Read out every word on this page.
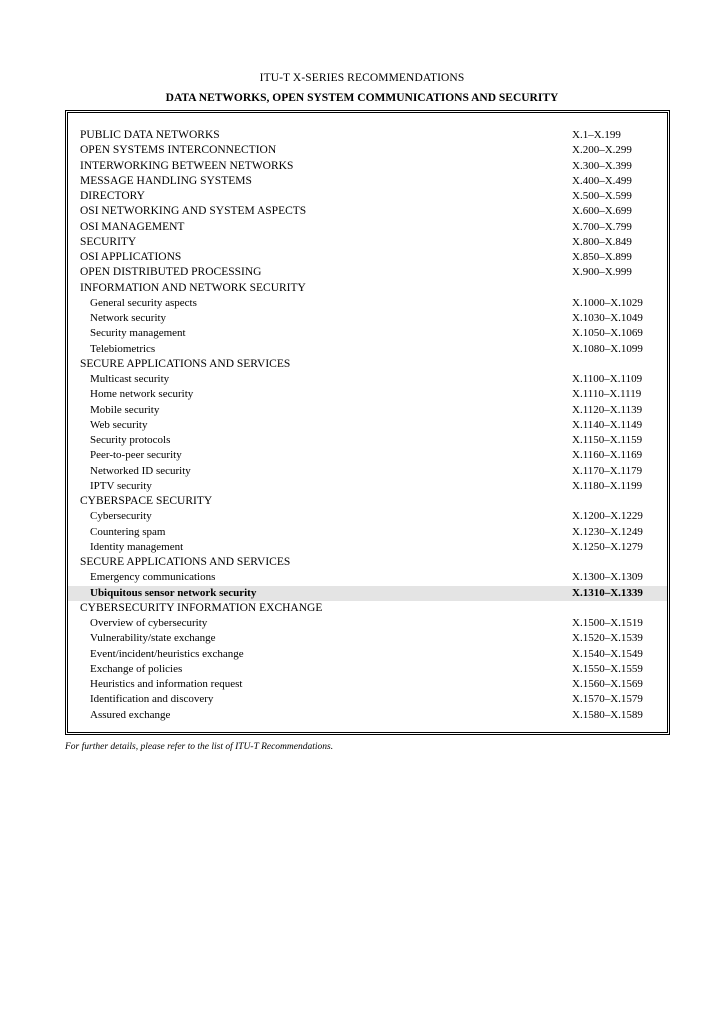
ITU-T X-SERIES RECOMMENDATIONS
DATA NETWORKS, OPEN SYSTEM COMMUNICATIONS AND SECURITY
PUBLIC DATA NETWORKS	X.1–X.199
OPEN SYSTEMS INTERCONNECTION	X.200–X.299
INTERWORKING BETWEEN NETWORKS	X.300–X.399
MESSAGE HANDLING SYSTEMS	X.400–X.499
DIRECTORY	X.500–X.599
OSI NETWORKING AND SYSTEM ASPECTS	X.600–X.699
OSI MANAGEMENT	X.700–X.799
SECURITY	X.800–X.849
OSI APPLICATIONS	X.850–X.899
OPEN DISTRIBUTED PROCESSING	X.900–X.999
INFORMATION AND NETWORK SECURITY
General security aspects	X.1000–X.1029
Network security	X.1030–X.1049
Security management	X.1050–X.1069
Telebiometrics	X.1080–X.1099
SECURE APPLICATIONS AND SERVICES
Multicast security	X.1100–X.1109
Home network security	X.1110–X.1119
Mobile security	X.1120–X.1139
Web security	X.1140–X.1149
Security protocols	X.1150–X.1159
Peer-to-peer security	X.1160–X.1169
Networked ID security	X.1170–X.1179
IPTV security	X.1180–X.1199
CYBERSPACE SECURITY
Cybersecurity	X.1200–X.1229
Countering spam	X.1230–X.1249
Identity management	X.1250–X.1279
SECURE APPLICATIONS AND SERVICES
Emergency communications	X.1300–X.1309
Ubiquitous sensor network security	X.1310–X.1339
CYBERSECURITY INFORMATION EXCHANGE
Overview of cybersecurity	X.1500–X.1519
Vulnerability/state exchange	X.1520–X.1539
Event/incident/heuristics exchange	X.1540–X.1549
Exchange of policies	X.1550–X.1559
Heuristics and information request	X.1560–X.1569
Identification and discovery	X.1570–X.1579
Assured exchange	X.1580–X.1589
For further details, please refer to the list of ITU-T Recommendations.
